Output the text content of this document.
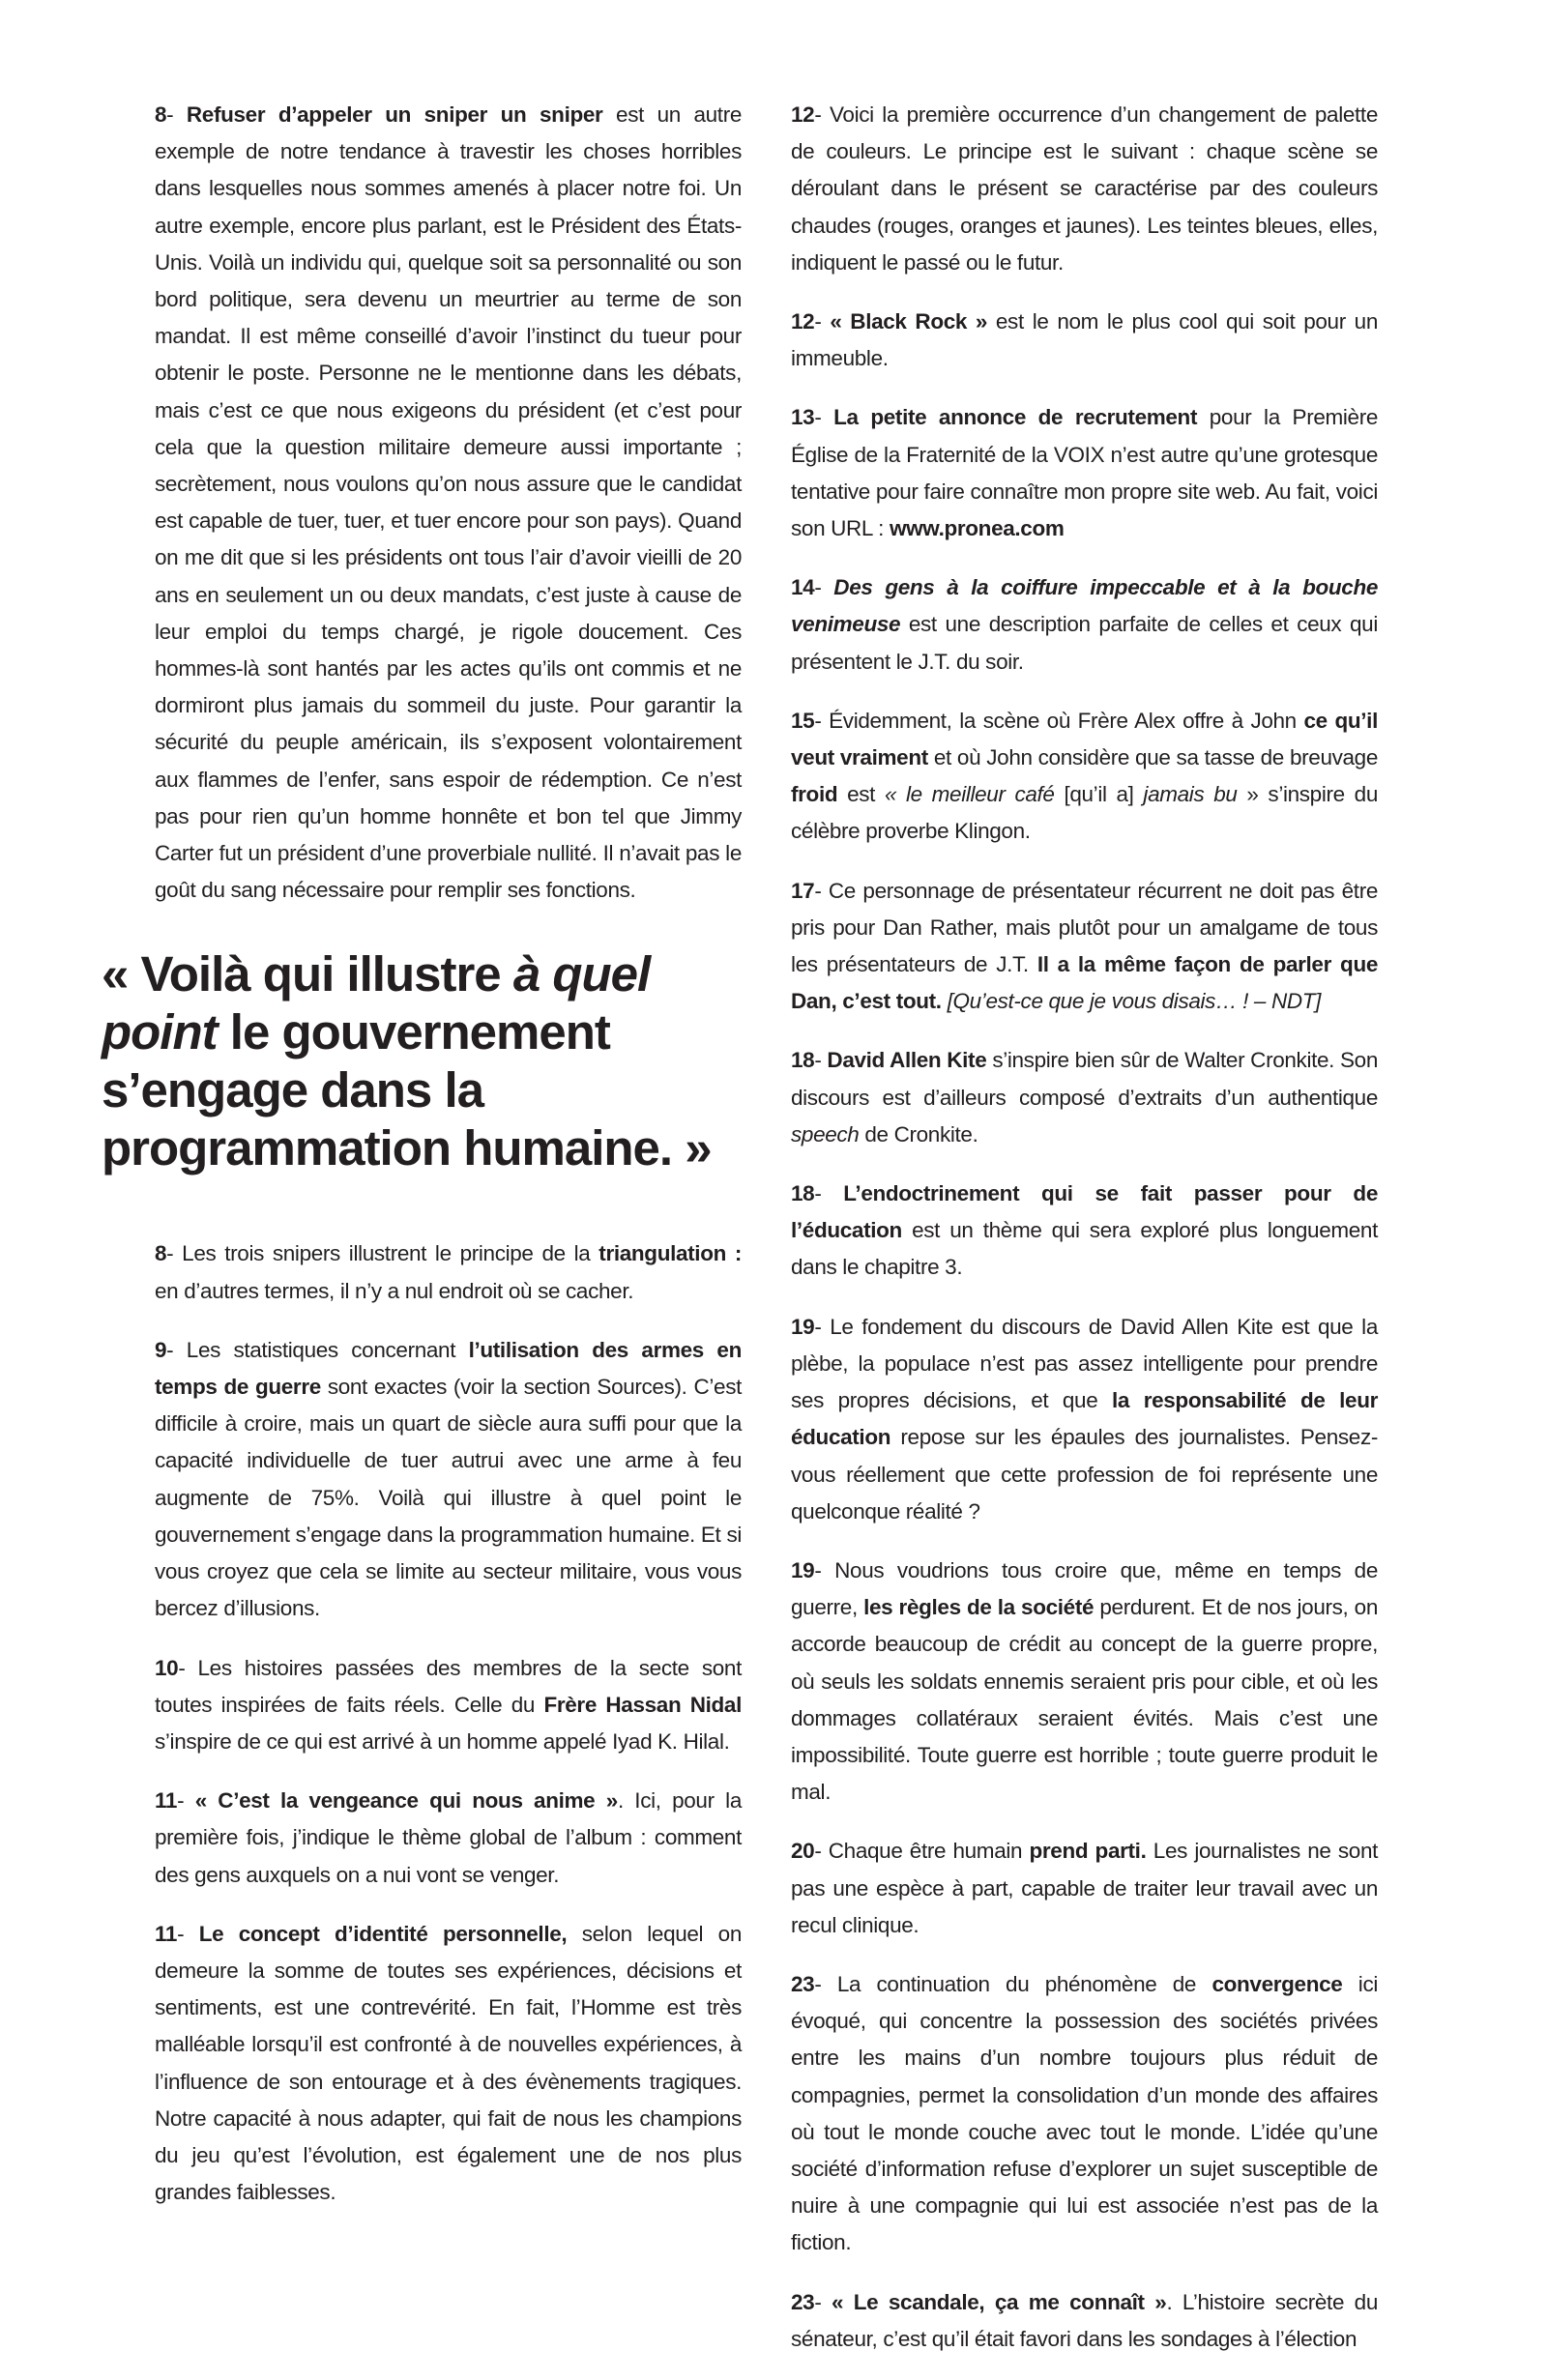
8- Refuser d’appeler un sniper un sniper est un autre exemple de notre tendance à travestir les choses horribles dans lesquelles nous sommes amenés à placer notre foi. Un autre exemple, encore plus parlant, est le Président des États-Unis. Voilà un individu qui, quelque soit sa personnalité ou son bord politique, sera devenu un meurtrier au terme de son mandat. Il est même conseillé d’avoir l’instinct du tueur pour obtenir le poste. Personne ne le mentionne dans les débats, mais c’est ce que nous exigeons du président (et c’est pour cela que la question militaire demeure aussi importante ; secrètement, nous voulons qu’on nous assure que le candidat est capable de tuer, tuer, et tuer encore pour son pays). Quand on me dit que si les présidents ont tous l’air d’avoir vieilli de 20 ans en seulement un ou deux mandats, c’est juste à cause de leur emploi du temps chargé, je rigole doucement. Ces hommes-là sont hantés par les actes qu’ils ont commis et ne dormiront plus jamais du sommeil du juste. Pour garantir la sécurité du peuple américain, ils s’exposent volontairement aux flammes de l’enfer, sans espoir de rédemption. Ce n’est pas pour rien qu’un homme honnête et bon tel que Jimmy Carter fut un président d’une proverbiale nullité. Il n’avait pas le goût du sang nécessaire pour remplir ses fonctions.

« Voilà qui illustre à quel point le gouvernement s’engage dans la programmation humaine. »

8- Les trois snipers illustrent le principe de la triangulation : en d’autres termes, il n’y a nul endroit où se cacher.

9- Les statistiques concernant l’utilisation des armes en temps de guerre sont exactes (voir la section Sources). C’est difficile à croire, mais un quart de siècle aura suffi pour que la capacité individuelle de tuer autrui avec une arme à feu augmente de 75%. Voilà qui illustre à quel point le gouvernement s’engage dans la programmation humaine. Et si vous croyez que cela se limite au secteur militaire, vous vous bercez d’illusions.

10- Les histoires passées des membres de la secte sont toutes inspirées de faits réels. Celle du Frère Hassan Nidal s’inspire de ce qui est arrivé à un homme appelé Iyad K. Hilal.

11- « C’est la vengeance qui nous anime ». Ici, pour la première fois, j’indique le thème global de l’album : comment des gens auxquels on a nui vont se venger.

11- Le concept d’identité personnelle, selon lequel on demeure la somme de toutes ses expériences, décisions et sentiments, est une contrevérité. En fait, l’Homme est très malléable lorsqu’il est confronté à de nouvelles expériences, à l’influence de son entourage et à des évènements tragiques. Notre capacité à nous adapter, qui fait de nous les champions du jeu qu’est l’évolution, est également une de nos plus grandes faiblesses.

12- Voici la première occurrence d’un changement de palette de couleurs. Le principe est le suivant : chaque scène se déroulant dans le présent se caractérise par des couleurs chaudes (rouges, oranges et jaunes). Les teintes bleues, elles, indiquent le passé ou le futur.

12- « Black Rock » est le nom le plus cool qui soit pour un immeuble.

13- La petite annonce de recrutement pour la Première Église de la Fraternité de la VOIX n’est autre qu’une grotesque tentative pour faire connaître mon propre site web. Au fait, voici son URL : www.pronea.com

14- Des gens à la coiffure impeccable et à la bouche venimeuse est une description parfaite de celles et ceux qui présentent le J.T. du soir.

15- Évidemment, la scène où Frère Alex offre à John ce qu’il veut vraiment et où John considère que sa tasse de breuvage froid est « le meilleur café [qu’il a] jamais bu » s’inspire du célèbre proverbe Klingon.

17- Ce personnage de présentateur récurrent ne doit pas être pris pour Dan Rather, mais plutôt pour un amalgame de tous les présentateurs de J.T. Il a la même façon de parler que Dan, c’est tout. [Qu’est-ce que je vous disais… ! – NDT]

18- David Allen Kite s’inspire bien sûr de Walter Cronkite. Son discours est d’ailleurs composé d’extraits d’un authentique speech de Cronkite.

18- L’endoctrinement qui se fait passer pour de l’éducation est un thème qui sera exploré plus longuement dans le chapitre 3.

19- Le fondement du discours de David Allen Kite est que la plèbe, la populace n’est pas assez intelligente pour prendre ses propres décisions, et que la responsabilité de leur éducation repose sur les épaules des journalistes. Pensez-vous réellement que cette profession de foi représente une quelconque réalité ?

19- Nous voudrions tous croire que, même en temps de guerre, les règles de la société perdurent. Et de nos jours, on accorde beaucoup de crédit au concept de la guerre propre, où seuls les soldats ennemis seraient pris pour cible, et où les dommages collatéraux seraient évités. Mais c’est une impossibilité. Toute guerre est horrible ; toute guerre produit le mal.

20- Chaque être humain prend parti. Les journalistes ne sont pas une espèce à part, capable de traiter leur travail avec un recul clinique.

23- La continuation du phénomène de convergence ici évoqué, qui concentre la possession des sociétés privées entre les mains d’un nombre toujours plus réduit de compagnies, permet la consolidation d’un monde des affaires où tout le monde couche avec tout le monde. L’idée qu’une société d’information refuse d’explorer un sujet susceptible de nuire à une compagnie qui lui est associée n’est pas de la fiction.

23- « Le scandale, ça me connaît ». L’histoire secrète du sénateur, c’est qu’il était favori dans les sondages à l’élection
